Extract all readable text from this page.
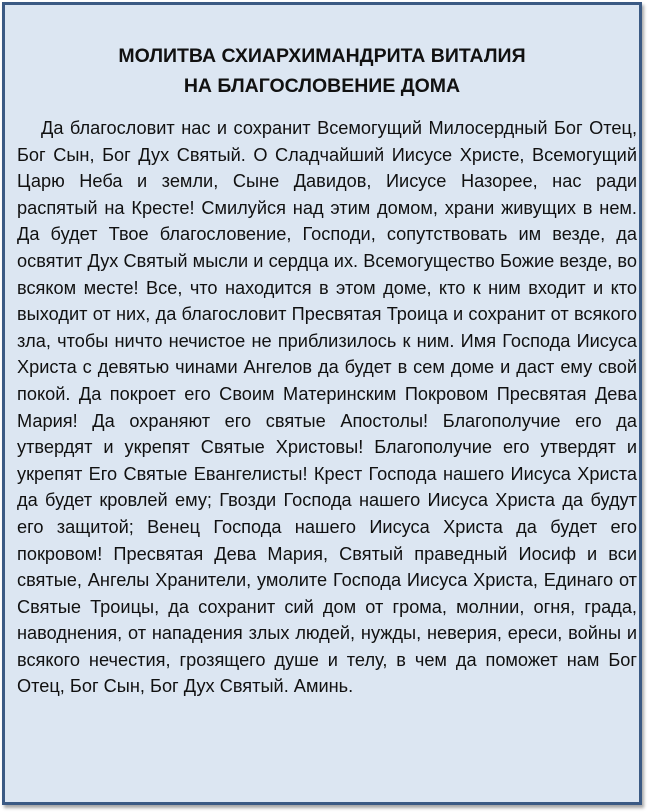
МОЛИТВА СХИАРХИМАНДРИТА ВИТАЛИЯ
НА БЛАГОСЛОВЕНИЕ ДОМА

Да благословит нас и сохранит Всемогущий Милосердный Бог Отец, Бог Сын, Бог Дух Святый. О Сладчайший Иисусе Христе, Всемогущий Царю Неба и земли, Сыне Давидов, Иисусе Назорее, нас ради распятый на Кресте! Смилуйся над этим домом, храни живущих в нем. Да будет Твое благословение, Господи, сопутствовать им везде, да освятит Дух Святый мысли и сердца их. Всемогущество Божие везде, во всяком месте! Все, что находится в этом доме, кто к ним входит и кто выходит от них, да благословит Пресвятая Троица и сохранит от всякого зла, чтобы ничто нечистое не приблизилось к ним. Имя Господа Иисуса Христа с девятью чинами Ангелов да будет в сем доме и даст ему свой покой. Да покроет его Своим Материнским Покровом Пресвятая Дева Мария! Да охраняют его святые Апостолы! Благополучие его да утвердят и укрепят Святые Христовы! Благополучие его утвердят и укрепят Его Святые Евангелисты! Крест Господа нашего Иисуса Христа да будет кровлей ему; Гвозди Господа нашего Иисуса Христа да будут его защитой; Венец Господа нашего Иисуса Христа да будет его покровом! Пресвятая Дева Мария, Святый праведный Иосиф и вси святые, Ангелы Хранители, умолите Господа Иисуса Христа, Единаго от Святые Троицы, да сохранит сий дом от грома, молнии, огня, града, наводнения, от нападения злых людей, нужды, неверия, ереси, войны и всякого нечестия, грозящего душе и телу, в чем да поможет нам Бог Отец, Бог Сын, Бог Дух Святый. Аминь.
